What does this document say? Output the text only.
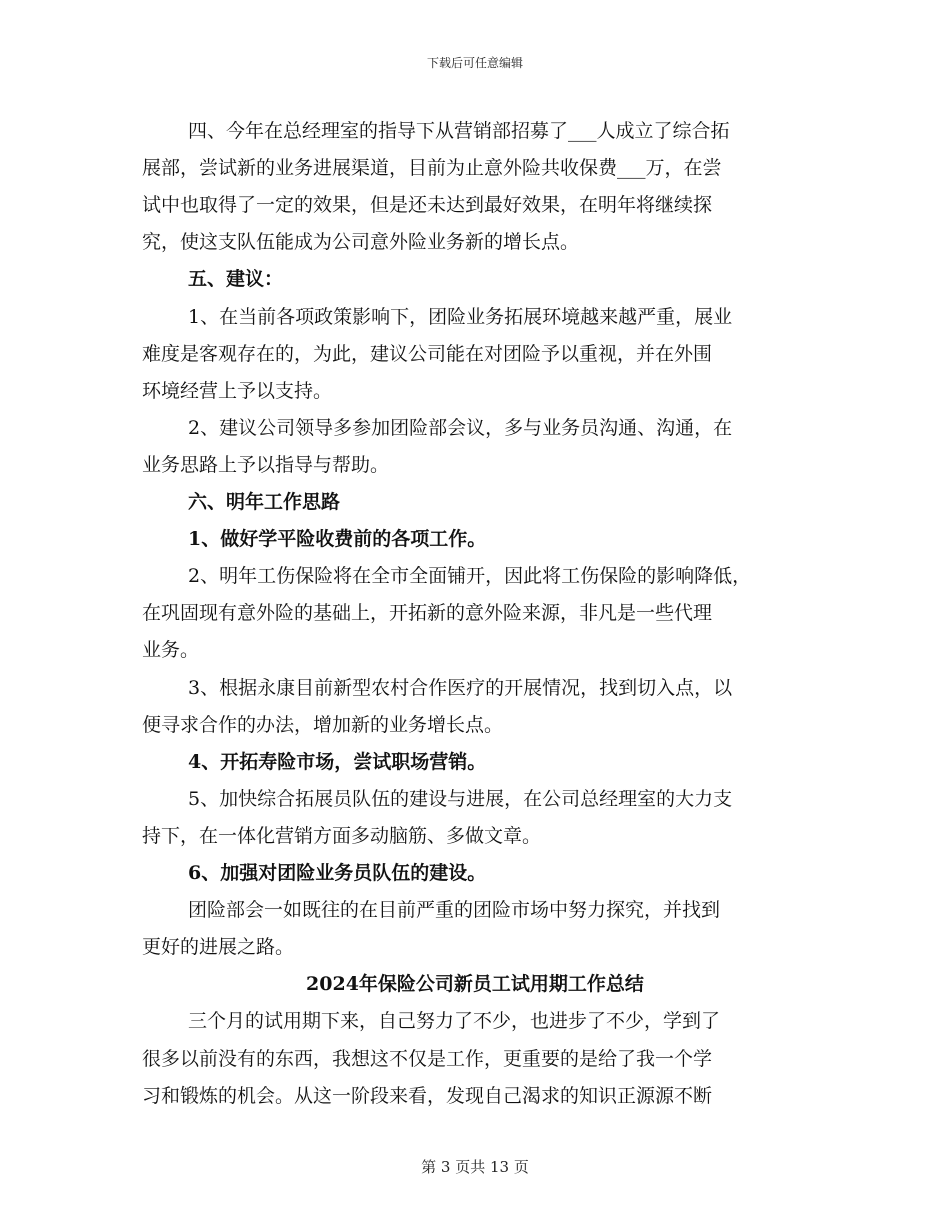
下载后可任意编辑
四、今年在总经理室的指导下从营销部招募了___人成立了综合拓
展部，尝试新的业务进展渠道，目前为止意外险共收保费___万，在尝
试中也取得了一定的效果，但是还未达到最好效果，在明年将继续探
究，使这支队伍能成为公司意外险业务新的增长点。
五、建议：
1、在当前各项政策影响下，团险业务拓展环境越来越严重，展业
难度是客观存在的，为此，建议公司能在对团险予以重视，并在外围
环境经营上予以支持。
2、建议公司领导多参加团险部会议，多与业务员沟通、沟通，在
业务思路上予以指导与帮助。
六、明年工作思路
1、做好学平险收费前的各项工作。
2、明年工伤保险将在全市全面铺开，因此将工伤保险的影响降低，
在巩固现有意外险的基础上，开拓新的意外险来源，非凡是一些代理
业务。
3、根据永康目前新型农村合作医疗的开展情况，找到切入点，以
便寻求合作的办法，增加新的业务增长点。
4、开拓寿险市场，尝试职场营销。
5、加快综合拓展员队伍的建设与进展，在公司总经理室的大力支
持下，在一体化营销方面多动脑筋、多做文章。
6、加强对团险业务员队伍的建设。
团险部会一如既往的在目前严重的团险市场中努力探究，并找到
更好的进展之路。
2024年保险公司新员工试用期工作总结
三个月的试用期下来，自己努力了不少，也进步了不少，学到了
很多以前没有的东西，我想这不仅是工作，更重要的是给了我一个学
习和锻炼的机会。从这一阶段来看，发现自己渴求的知识正源源不断
第 3 页共 13 页
